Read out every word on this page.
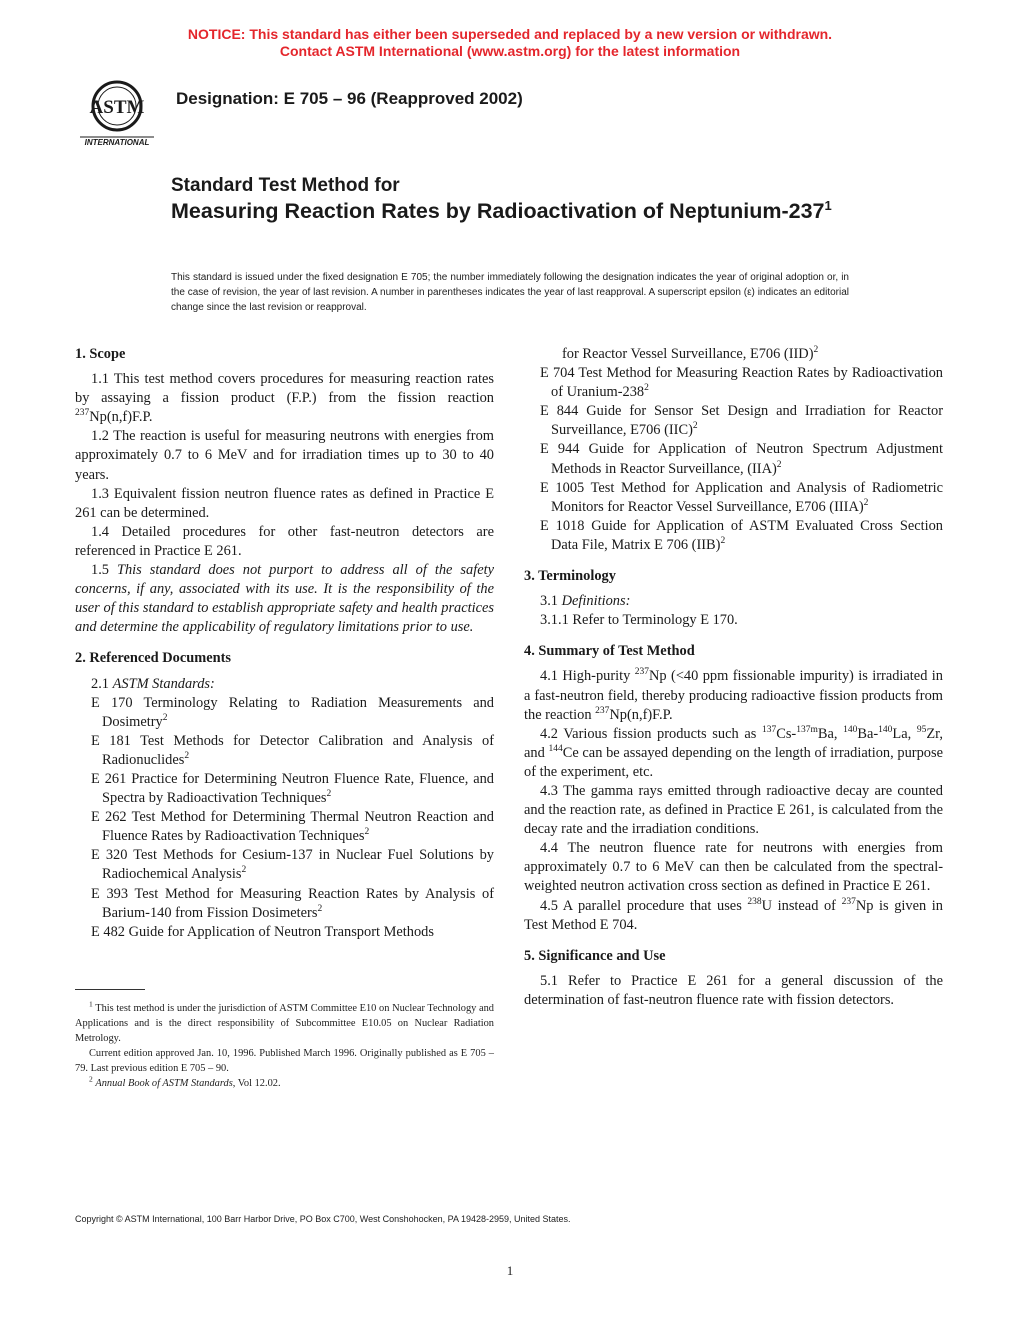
NOTICE: This standard has either been superseded and replaced by a new version or withdrawn.
Contact ASTM International (www.astm.org) for the latest information
ASTM
INTERNATIONAL
Designation: E 705 – 96 (Reapproved 2002)
Standard Test Method for
Measuring Reaction Rates by Radioactivation of Neptunium-$237^1$
This standard is issued under the fixed designation E 705; the number immediately following the designation indicates the year of original adoption or, in the case of revision, the year of last revision. A number in parentheses indicates the year of last reapproval. A superscript epsilon (ε) indicates an editorial change since the last revision or reapproval.
1. Scope

1.1 This test method covers procedures for measuring reaction rates by assaying a fission product (F.P.) from the fission reaction $^{237}$Np(n,f)F.P.

1.2 The reaction is useful for measuring neutrons with energies from approximately 0.7 to 6 MeV and for irradiation times up to 30 to 40 years.

1.3 Equivalent fission neutron fluence rates as defined in Practice E 261 can be determined.

1.4 Detailed procedures for other fast-neutron detectors are referenced in Practice E 261.

1.5 This standard does not purport to address all of the safety concerns, if any, associated with its use. It is the responsibility of the user of this standard to establish appropriate safety and health practices and determine the applicability of regulatory limitations prior to use.

2. Referenced Documents

2.1 ASTM Standards:

E 170 Terminology Relating to Radiation Measurements and Dosimetry$^2$

E 181 Test Methods for Detector Calibration and Analysis of Radionuclides$^2$

E 261 Practice for Determining Neutron Fluence Rate, Fluence, and Spectra by Radioactivation Techniques$^2$

E 262 Test Method for Determining Thermal Neutron Reaction and Fluence Rates by Radioactivation Techniques$^2$

E 320 Test Methods for Cesium-137 in Nuclear Fuel Solutions by Radiochemical Analysis$^2$

E 393 Test Method for Measuring Reaction Rates by Analysis of Barium-140 from Fission Dosimeters$^2$

E 482 Guide for Application of Neutron Transport Methods

for Reactor Vessel Surveillance, E706 (IID)$^2$

E 704 Test Method for Measuring Reaction Rates by Radioactivation of Uranium-$238^2$

E 844 Guide for Sensor Set Design and Irradiation for Reactor Surveillance, E706 (IIC)$^2$

E 944 Guide for Application of Neutron Spectrum Adjustment Methods in Reactor Surveillance, (IIA)$^2$

E 1005 Test Method for Application and Analysis of Radiometric Monitors for Reactor Vessel Surveillance, E706 (IIIA)$^2$

E 1018 Guide for Application of ASTM Evaluated Cross Section Data File, Matrix E 706 (IIB)$^2$

3. Terminology

3.1 Definitions:

3.1.1 Refer to Terminology E 170.

4. Summary of Test Method

4.1 High-purity $^{237}$Np (<40 ppm fissionable impurity) is irradiated in a fast-neutron field, thereby producing radioactive fission products from the reaction $^{237}$Np(n,f)F.P.

4.2 Various fission products such as $^{137}$Cs-$^{137m}$Ba, $^{140}$Ba-$^{140}$La, $^{95}$Zr, and $^{144}$Ce can be assayed depending on the length of irradiation, purpose of the experiment, etc.

4.3 The gamma rays emitted through radioactive decay are counted and the reaction rate, as defined in Practice E 261, is calculated from the decay rate and the irradiation conditions.

4.4 The neutron fluence rate for neutrons with energies from approximately 0.7 to 6 MeV can then be calculated from the spectral-weighted neutron activation cross section as defined in Practice E 261.

4.5 A parallel procedure that uses $^{238}$U instead of $^{237}$Np is given in Test Method E 704.

5. Significance and Use

5.1 Refer to Practice E 261 for a general discussion of the determination of fast-neutron fluence rate with fission detectors.

$^1$ This test method is under the jurisdiction of ASTM Committee E10 on Nuclear Technology and Applications and is the direct responsibility of Subcommittee E10.05 on Nuclear Radiation Metrology.

Current edition approved Jan. 10, 1996. Published March 1996. Originally published as E 705 – 79. Last previous edition E 705 – 90.

$^2$ Annual Book of ASTM Standards, Vol 12.02.

Copyright © ASTM International, 100 Barr Harbor Drive, PO Box C700, West Conshohocken, PA 19428-2959, United States.
1
